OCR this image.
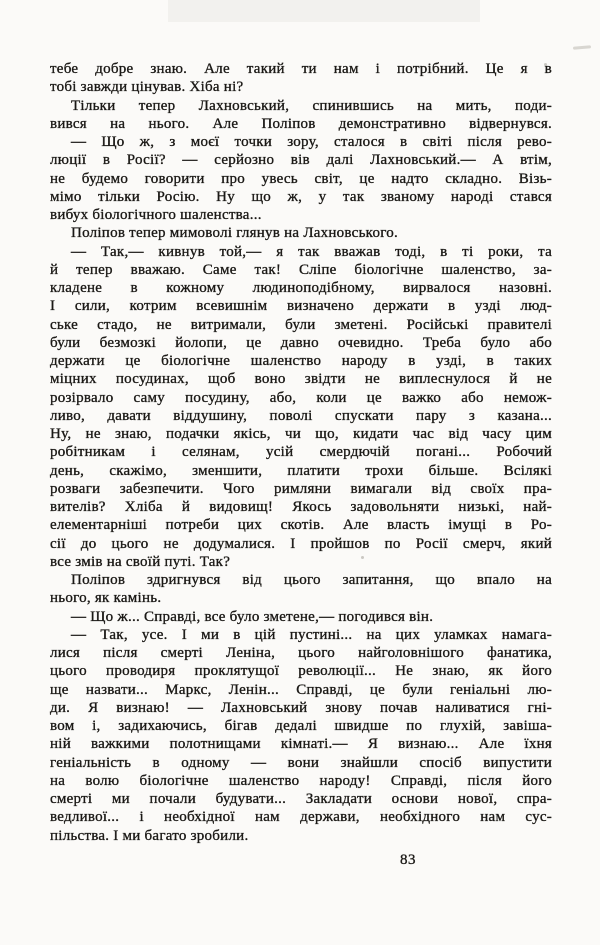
тебе добре знаю. Але такий ти нам і потрібний. Це я в
тобі завжди цінував. Хіба ні?
Тільки тепер Лахновський, спинившись на мить, поди-
вився на нього. Але Поліпов демонстративно відвернувся.
— Що ж, з моєї точки зору, сталося в світі після рево-
люції в Росії? — серйозно вів далі Лахновський.— А втім,
не будемо говорити про увесь світ, це надто складно. Візь-
мімо тільки Росію. Ну що ж, у так званому народі стався
вибух біологічного шаленства...
Поліпов тепер мимоволі глянув на Лахновського.
— Так,— кивнув той,— я так вважав тоді, в ті роки, та
й тепер вважаю. Саме так! Сліпе біологічне шаленство, за-
кладене в кожному людиноподібному, вирвалося назовні.
І сили, котрим всевишнім визначено держати в узді люд-
ське стадо, не витримали, були зметені. Російські правителі
були безмозкі йолопи, це давно очевидно. Треба було або
держати це біологічне шаленство народу в узді, в таких
міцних посудинах, щоб воно звідти не виплеснулося й не
розірвало саму посудину, або, коли це важко або немож-
ливо, давати віддушину, поволі спускати пару з казана...
Ну, не знаю, подачки якісь, чи що, кидати час від часу цим
робітникам і селянам, усій смердючій погані... Робочий
день, скажімо, зменшити, платити трохи більше. Всілякі
розваги забезпечити. Чого римляни вимагали від своїх пра-
вителів? Хліба й видовищ! Якось задовольняти низькі, най-
елементарніші потреби цих скотів. Але власть імущі в Ро-
сії до цього не додумалися. І пройшов по Росії смерч, який
все змів на своїй путі. Так?
Поліпов здригнувся від цього запитання, що впало на
нього, як камінь.
— Що ж... Справді, все було зметене,— погодився він.
— Так, усе. І ми в цій пустині... на цих уламках намага-
лися після смерті Леніна, цього найголовнішого фанатика,
цього проводиря проклятущої революції... Не знаю, як його
ще назвати... Маркс, Ленін... Справді, це були геніальні лю-
ди. Я визнаю! — Лахновський знову почав наливатися гні-
вом і, задихаючись, бігав дедалі швидше по глухій, завіша-
ній важкими полотнищами кімнаті.— Я визнаю... Але їхня
геніальність в одному — вони знайшли спосіб випустити
на волю біологічне шаленство народу! Справді, після його
смерті ми почали будувати... Закладати основи нової, спра-
ведливої... і необхідної нам держави, необхідного нам сус-
пільства. І ми багато зробили.
83
